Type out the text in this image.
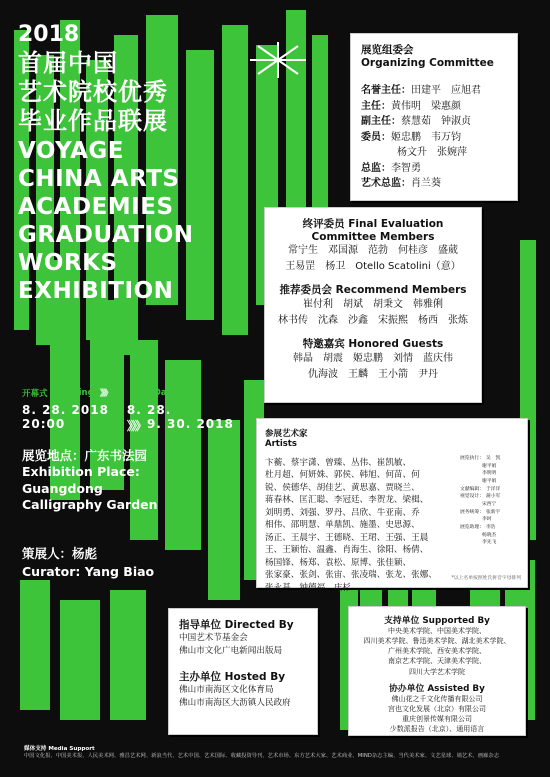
2018
首届中国
艺术院校优秀
毕业作品联展
VOYAGE
CHINA ARTS
ACADEMIES
GRADUATION
WORKS
EXHIBITION
开幕式 Opening 》》》 展期 Date
8. 28. 2018
20:00
8. 28.
》》》 9. 30. 2018
展览地点：广东书法园
Exhibition Place:
Guangdong
Calligraphy Garden
策展人：杨彪
Curator: Yang Biao
展览组委会
Organizing Committee
名誉主任：田建平　应旭君
主任：黄伟明　梁惠颜
副主任：蔡慧茹　钟淑贞
委员：姬忠鹏　韦万钧
杨文升　张婉萍
总监：李智勇
艺术总监：肖兰葵
终评委员 Final Evaluation
Committee Members
常宁生　邓国源　范勃　何桂彦　盛葳
王易罡　杨卫　Otello Scatolini（意）
推荐委员会 Recommend Members
崔付利　胡斌　胡秉文　韩雅俐
林书传　沈森　沙鑫　宋振熙　杨西　张炼
特邀嘉宾 Honored Guests
韩晶　胡震　姬忠鹏　刘情　蓝庆伟
仇海波　王麟　王小箭　尹丹
参展艺术家
Artists
卞蘅、蔡宇潇、曾臻、丛伟、崔凯敏、
杜月超、何妍姝、郭侯、韩旭、何苗、何
锐、侯德华、胡佳艺、黄思嘉、贾晓兰、
蒋春林、匡汇聪、李冠廷、李贺龙、梁楫、
刘明勇、刘强、罗丹、吕欣、牛亚南、乔
相伟、邵明慧、单鼎凯、施墨、史思源、
汤正、王晨宇、王德晓、王珺、王强、王晨
王、王颖怡、温鑫、肖海生、徐阳、杨倩、
杨国锋、杨郑、袁松、原博、张佳颖、
张家豪、张剑、张宙、张凌瑞、张龙、张娜、
张永基、钟德福、庄杉
展览执行： 吴　凯
谢平娟
李明明
谢平娟
文献编辑： 于洋洋
视觉设计： 蒲小军
宋西宁
展务统筹： 张新宇
李珂
展览助理： 李浩
杨晓杰
李先飞
*以上名单按照姓氏拼音字母排列
指导单位 Directed By
中国艺术节基金会
佛山市文化广电新闻出版局
主办单位 Hosted By
佛山市南海区文化体育局
佛山市南海区大沥镇人民政府
支持单位 Supported By
中央美术学院、中国美术学院、
四川美术学院、鲁迅美术学院、湖北美术学院、
广州美术学院、西安美术学院、
南京艺术学院、天津美术学院、
四川大学艺术学院
协办单位 Assisted By
佛山花之千文化传播有限公司
宫也文化发展（北京）有限公司
重庆创景传媒有限公司
少数派报告（北京）、通用语言
媒体支持 Media Support
中国文化报、中国美术报、人民美术网、雅昌艺术网、新浪当代、艺术中国、艺术国际、收藏投资导刊、艺术市场、东方艺术大家、艺术商业、MIND杂志主编、当代美术家、文艺星球、墙艺术、画廊杂志
